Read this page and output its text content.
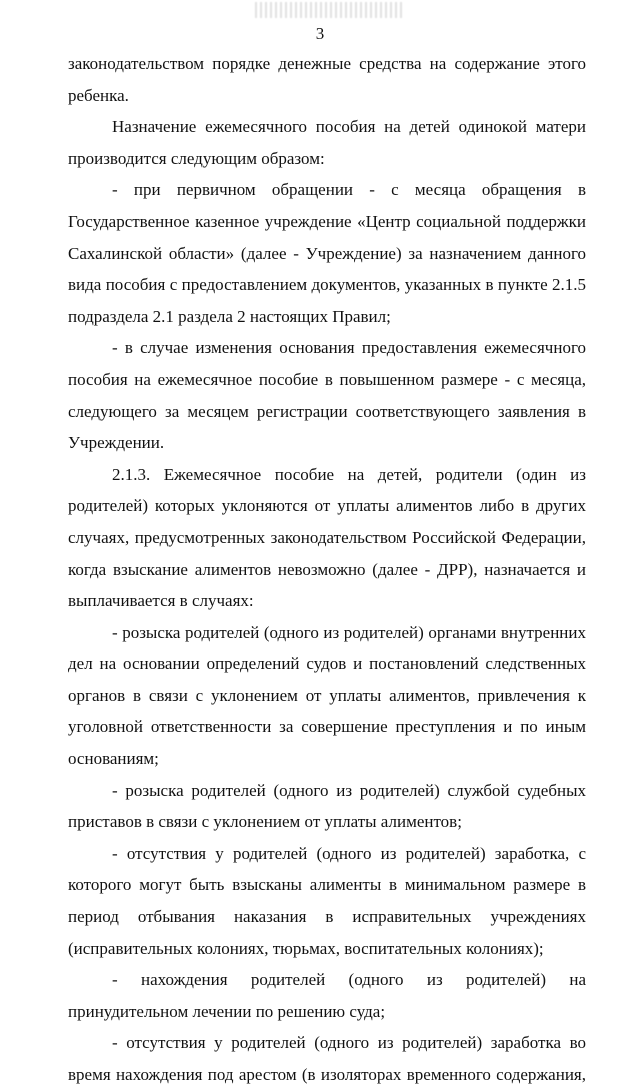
3

законодательством порядке денежные средства на содержание этого ребенка.

Назначение ежемесячного пособия на детей одинокой матери производится следующим образом:

- при первичном обращении - с месяца обращения в Государственное казенное учреждение «Центр социальной поддержки Сахалинской области» (далее - Учреждение) за назначением данного вида пособия с предоставлением документов, указанных в пункте 2.1.5 подраздела 2.1 раздела 2 настоящих Правил;

- в случае изменения основания предоставления ежемесячного пособия на ежемесячное пособие в повышенном размере - с месяца, следующего за месяцем регистрации соответствующего заявления в Учреждении.

2.1.3. Ежемесячное пособие на детей, родители (один из родителей) которых уклоняются от уплаты алиментов либо в других случаях, предусмотренных законодательством Российской Федерации, когда взыскание алиментов невозможно (далее - ДРР), назначается и выплачивается в случаях:

- розыска родителей (одного из родителей) органами внутренних дел на основании определений судов и постановлений следственных органов в связи с уклонением от уплаты алиментов, привлечения к уголовной ответственности за совершение преступления и по иным основаниям;

- розыска родителей (одного из родителей) службой судебных приставов в связи с уклонением от уплаты алиментов;

- отсутствия у родителей (одного из родителей) заработка, с которого могут быть взысканы алименты в минимальном размере в период отбывания наказания в исправительных учреждениях (исправительных колониях, тюрьмах, воспитательных колониях);

- нахождения родителей (одного из родителей) на принудительном лечении по решению суда;

- отсутствия у родителей (одного из родителей) заработка во время нахождения под арестом (в изоляторах временного содержания,
